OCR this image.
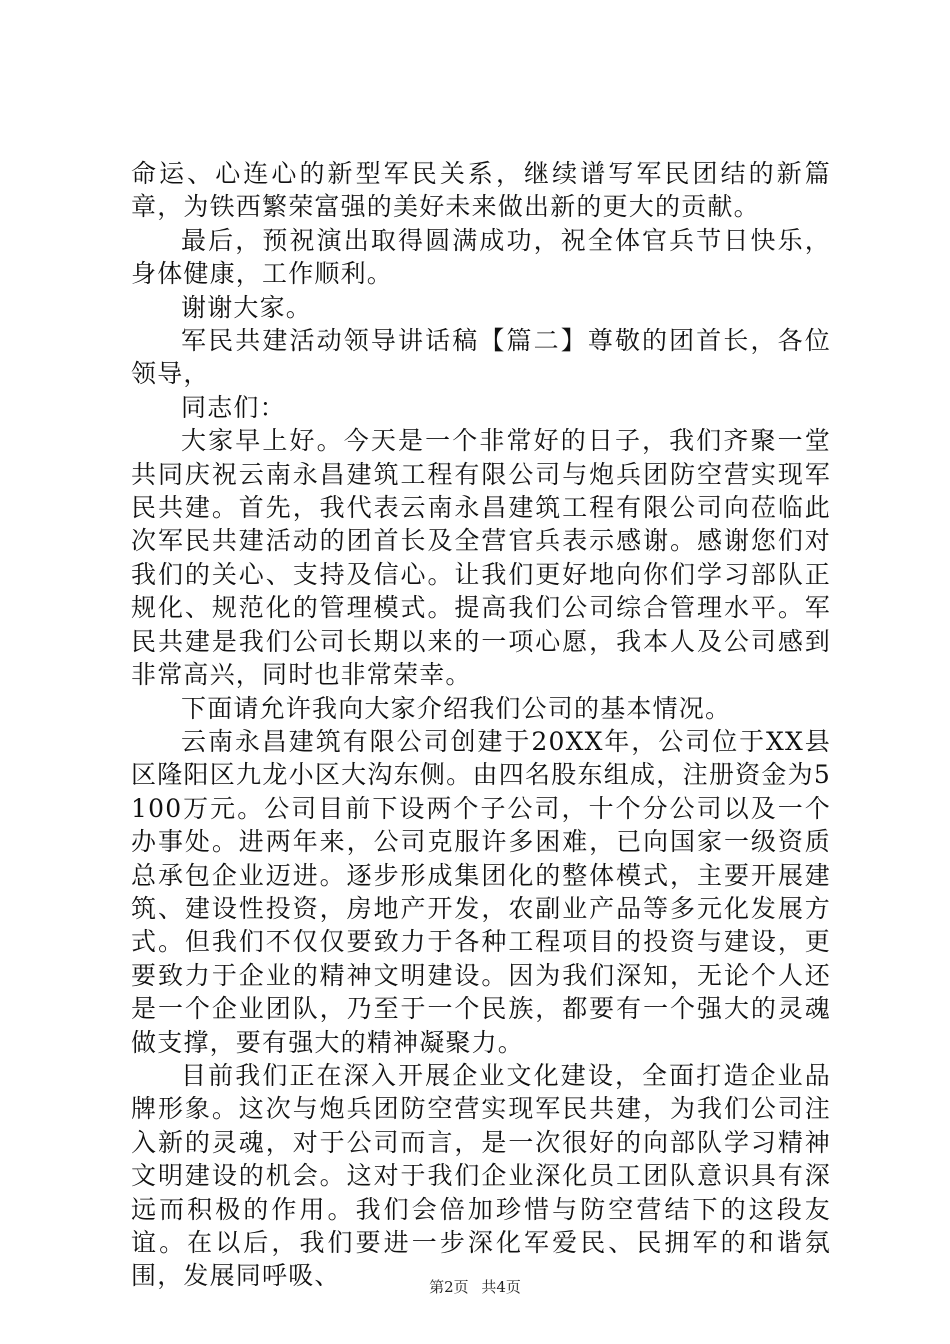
命运、心连心的新型军民关系，继续谱写军民团结的新篇章，为铁西繁荣富强的美好未来做出新的更大的贡献。

最后，预祝演出取得圆满成功，祝全体官兵节日快乐，身体健康，工作顺利。

谢谢大家。

军民共建活动领导讲话稿【篇二】尊敬的团首长，各位领导，

同志们：

大家早上好。今天是一个非常好的日子，我们齐聚一堂共同庆祝云南永昌建筑工程有限公司与炮兵团防空营实现军民共建。首先，我代表云南永昌建筑工程有限公司向莅临此次军民共建活动的团首长及全营官兵表示感谢。感谢您们对我们的关心、支持及信心。让我们更好地向你们学习部队正规化、规范化的管理模式。提高我们公司综合管理水平。军民共建是我们公司长期以来的一项心愿，我本人及公司感到非常高兴，同时也非常荣幸。

下面请允许我向大家介绍我们公司的基本情况。

云南永昌建筑有限公司创建于20XX年，公司位于XX县区隆阳区九龙小区大沟东侧。由四名股东组成，注册资金为5100万元。公司目前下设两个子公司，十个分公司以及一个办事处。进两年来，公司克服许多困难，已向国家一级资质总承包企业迈进。逐步形成集团化的整体模式，主要开展建筑、建设性投资，房地产开发，农副业产品等多元化发展方式。但我们不仅仅要致力于各种工程项目的投资与建设，更要致力于企业的精神文明建设。因为我们深知，无论个人还是一个企业团队，乃至于一个民族，都要有一个强大的灵魂做支撑，要有强大的精神凝聚力。

目前我们正在深入开展企业文化建设，全面打造企业品牌形象。这次与炮兵团防空营实现军民共建，为我们公司注入新的灵魂，对于公司而言，是一次很好的向部队学习精神文明建设的机会。这对于我们企业深化员工团队意识具有深远而积极的作用。我们会倍加珍惜与防空营结下的这段友谊。在以后，我们要进一步深化军爱民、民拥军的和谐氛围，发展同呼吸、	第2页 共4页
